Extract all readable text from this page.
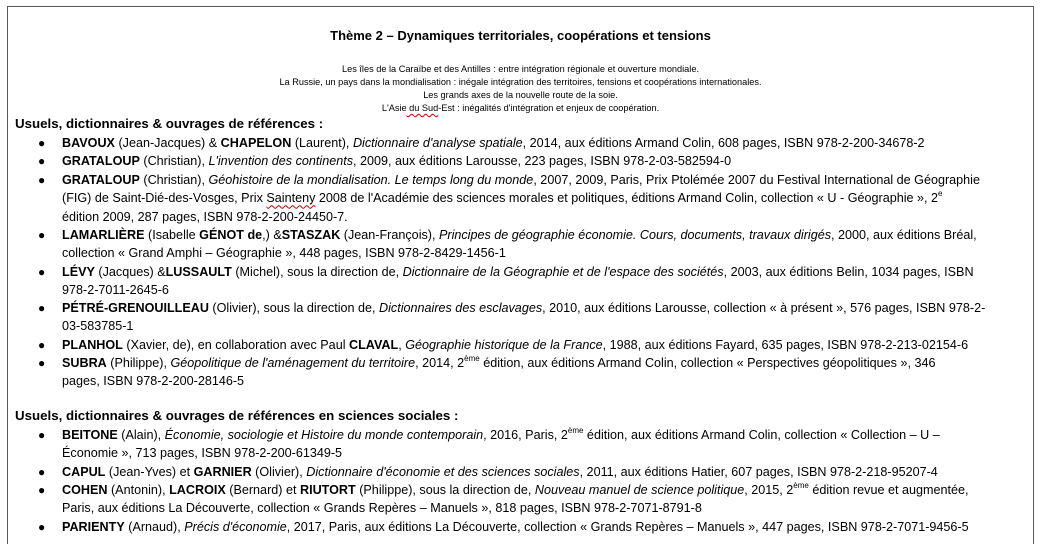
Thème 2 – Dynamiques territoriales, coopérations et tensions
Les îles de la Caraïbe et des Antilles : entre intégration régionale et ouverture mondiale.
La Russie, un pays dans la mondialisation : inégale intégration des territoires, tensions et coopérations internationales.
Les grands axes de la nouvelle route de la soie.
L'Asie du Sud-Est : inégalités d'intégration et enjeux de coopération.
Usuels, dictionnaires & ouvrages de références :
● BAVOUX (Jean-Jacques) & CHAPELON (Laurent), Dictionnaire d'analyse spatiale, 2014, aux éditions Armand Colin, 608 pages, ISBN 978-2-200-34678-2
● GRATALOUP (Christian), L'invention des continents, 2009, aux éditions Larousse, 223 pages, ISBN 978-2-03-582594-0
● GRATALOUP (Christian), Géohistoire de la mondialisation. Le temps long du monde, 2007, 2009, Paris, Prix Ptolémée 2007 du Festival International de Géographie
(FIG) de Saint-Dié-des-Vosges, Prix Sainteny 2008 de l'Académie des sciences morales et politiques, éditions Armand Colin, collection « U - Géographie », 2e
édition 2009, 287 pages, ISBN 978-2-200-24450-7.
● LAMARLIÈRE (Isabelle GÉNOT de,) &STASZAK (Jean-François), Principes de géographie économie. Cours, documents, travaux dirigés, 2000, aux éditions Bréal,
collection « Grand Amphi – Géographie », 448 pages, ISBN 978-2-8429-1456-1
● LÉVY (Jacques) &LUSSAULT (Michel), sous la direction de, Dictionnaire de la Géographie et de l'espace des sociétés, 2003, aux éditions Belin, 1034 pages, ISBN
978-2-7011-2645-6
● PÉTRÉ-GRENOUILLEAU (Olivier), sous la direction de, Dictionnaires des esclavages, 2010, aux éditions Larousse, collection « à présent », 576 pages, ISBN 978-2-
03-583785-1
● PLANHOL (Xavier, de), en collaboration avec Paul CLAVAL, Géographie historique de la France, 1988, aux éditions Fayard, 635 pages, ISBN 978-2-213-02154-6
● SUBRA (Philippe), Géopolitique de l'aménagement du territoire, 2014, 2ème édition, aux éditions Armand Colin, collection « Perspectives géopolitiques », 346
pages, ISBN 978-2-200-28146-5
Usuels, dictionnaires & ouvrages de références en sciences sociales :
● BEITONE (Alain), Économie, sociologie et Histoire du monde contemporain, 2016, Paris, 2ème édition, aux éditions Armand Colin, collection « Collection – U –
Économie », 713 pages, ISBN 978-2-200-61349-5
● CAPUL (Jean-Yves) et GARNIER (Olivier), Dictionnaire d'économie et des sciences sociales, 2011, aux éditions Hatier, 607 pages, ISBN 978-2-218-95207-4
● COHEN (Antonin), LACROIX (Bernard) et RIUTORT (Philippe), sous la direction de, Nouveau manuel de science politique, 2015, 2ème édition revue et augmentée,
Paris, aux éditions La Découverte, collection « Grands Repères – Manuels », 818 pages, ISBN 978-2-7071-8791-8
● PARIENTY (Arnaud), Précis d'économie, 2017, Paris, aux éditions La Découverte, collection « Grands Repères – Manuels », 447 pages, ISBN 978-2-7071-9456-5
